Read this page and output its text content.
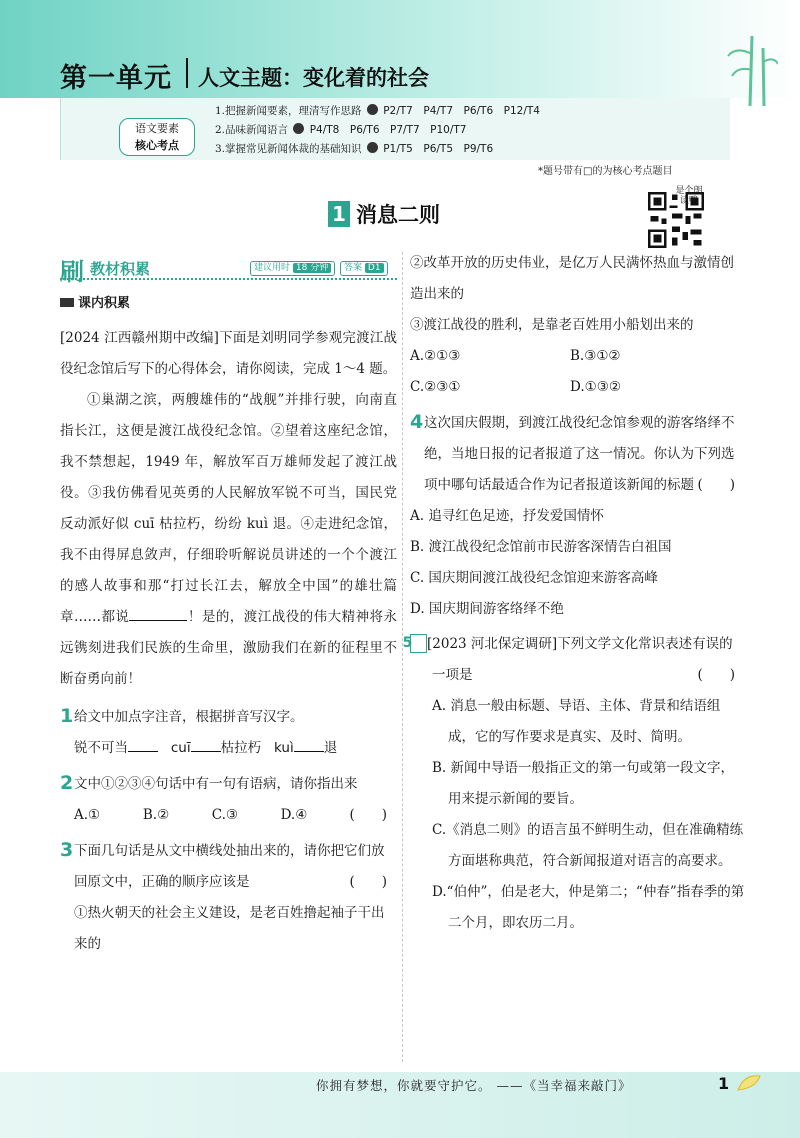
第一单元 人文主题：变化着的社会
语文要素
核心考点
1.把握新闻要素，理清写作思路 P2/T7　P4/T7　P6/T6　P12/T4
2.品味新闻语言 P4/T8　P6/T6　P7/T7　P10/T7
3.掌握常见新闻体裁的基础知识 P1/T5　P6/T5　P9/T6
*题号带有□的为核心考点题目
1 消息二则
是个朗读鸭
刷 教材积累	建议用时 18 分钟	答案 D1
课内积累

[2024 江西赣州期中改编]下面是刘明同学参观完渡江战役纪念馆后写下的心得体会，请你阅读，完成 1～4 题。

①巢湖之滨，两艘雄伟的“战舰”并排行驶，向南直指长江，这便是渡江战役纪念馆。②望着这座纪念馆，我不禁想起，1949 年，解放军百万雄师发起了渡江战役。③我仿佛看见英勇的人民解放军锐不可当，国民党反动派好似 cuī 枯拉朽，纷纷 kuì 退。④走进纪念馆，我不由得屏息敛声，仔细聆听解说员讲述的一个个渡江的感人故事和那“打过长江去，解放全中国”的雄壮篇章……都说	！是的，渡江战役的伟大精神将永远镌刻进我们民族的生命里，激励我们在新的征程里不断奋勇向前！

1给文中加点字注音，根据拼音写汉字。
锐不可当	cuī 枯拉朽 kuì 退
2文中①②③④句话中有一句有语病，请你指出来
(　　)
A.①	B.②	C.③	D.④
3下面几句话是从文中横线处抽出来的，请你把它们放回原文中，正确的顺序应该是	(　　)
①热火朝天的社会主义建设，是老百姓撸起袖子干出来的
②改革开放的历史伟业，是亿万人民满怀热血与激情创造出来的
③渡江战役的胜利，是靠老百姓用小船划出来的
A.②①③	B.③①②
C.②③①	D.①③②
4这次国庆假期，到渡江战役纪念馆参观的游客络绎不绝，当地日报的记者报道了这一情况。你认为下列选项中哪句话最适合作为记者报道该新闻的标题 (　　)
A. 追寻红色足迹，抒发爱国情怀
B. 渡江战役纪念馆前市民游客深情告白祖国
C. 国庆期间渡江战役纪念馆迎来游客高峰
D. 国庆期间游客络绎不绝
5 [2023 河北保定调研]下列文学文化常识表述有误的一项是	(　　)
A. 消息一般由标题、导语、主体、背景和结语组成，它的写作要求是真实、及时、简明。
B. 新闻中导语一般指正文的第一句或第一段文字，用来提示新闻的要旨。
C.《消息二则》的语言虽不鲜明生动，但在准确精练方面堪称典范，符合新闻报道对语言的高要求。
D.“伯仲”，伯是老大，仲是第二；“仲春”指春季的第二个月，即农历二月。
你拥有梦想，你就要守护它。 ——《当幸福来敲门》	1
